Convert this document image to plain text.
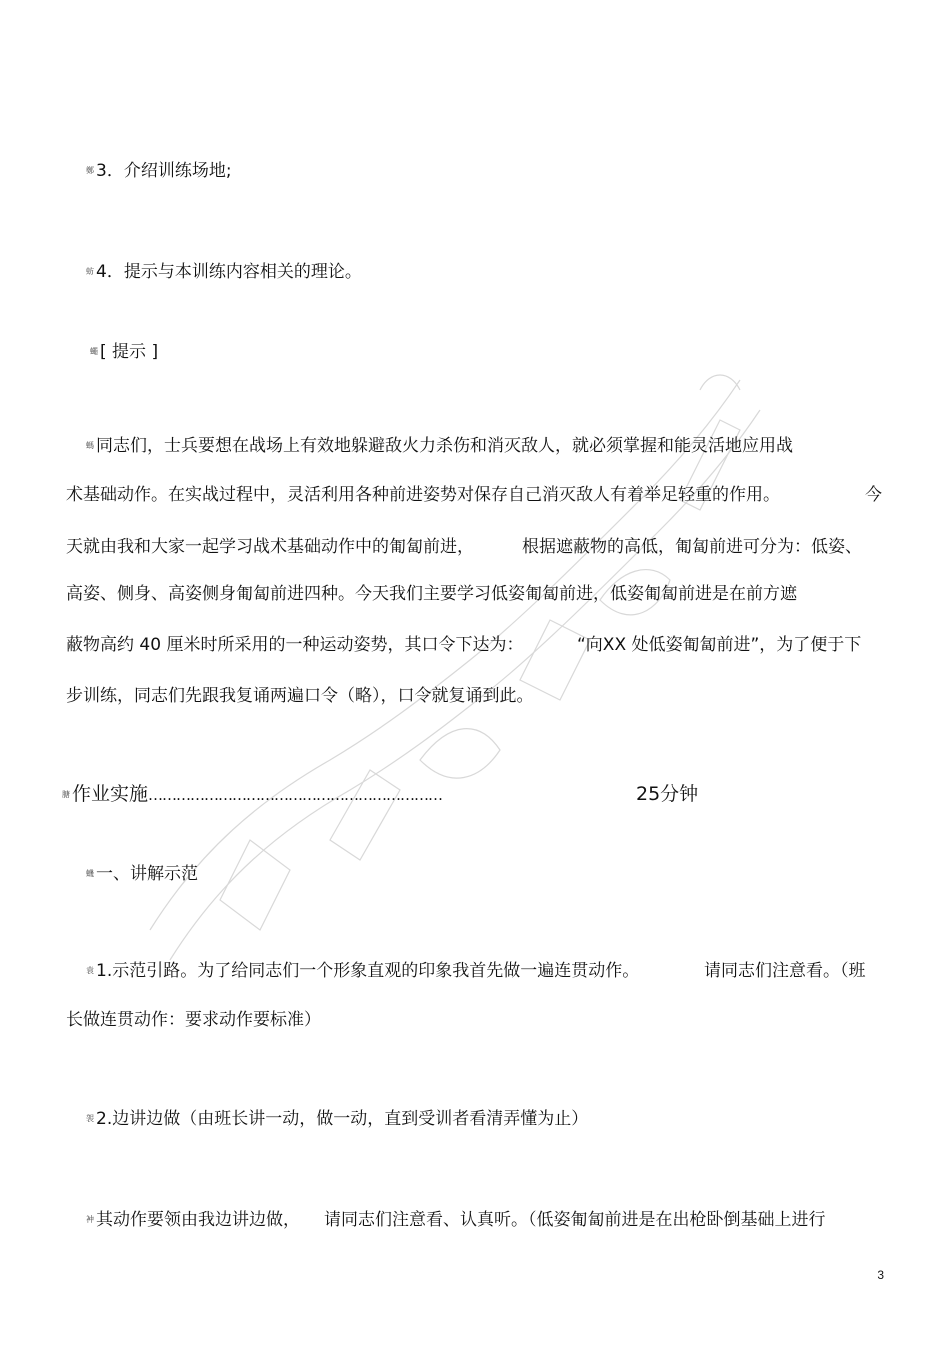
鄭 3．介绍训练场地;
蚄 4．提示与本训练内容相关的理论。
蠅 [ 提示 ]
螞 同志们，士兵要想在战场上有效地躲避敌火力杀伤和消灭敌人，就必须掌握和能灵活地应用战
术基础动作。在实战过程中，灵活利用各种前进姿势对保存自己消灭敌人有着举足轻重的作用。	今
天就由我和大家一起学习战术基础动作中的匍匐前进，	根据遮蔽物的高低，匍匐前进可分为：低姿、
高姿、侧身、高姿侧身匍匐前进四种。今天我们主要学习低姿匍匐前进，低姿匍匐前进是在前方遮
蔽物高约 40 厘米时所采用的一种运动姿势，其口令下达为：	“向XX 处低姿匍匐前进”，为了便于下
步训练，同志们先跟我复诵两遍口令（略），口令就复诵到此。
膅 作业实施………………………………………………………	25分钟
蟣 一、讲解示范
袁 1.示范引路。为了给同志们一个形象直观的印象我首先做一遍连贯动作。	请同志们注意看。（班
长做连贯动作：要求动作要标准）
袈 2.边讲边做（由班长讲一动，做一动，直到受训者看清弄懂为止）
衶 其动作要领由我边讲边做， 请同志们注意看、认真听。（低姿匍匐前进是在出枪卧倒基础上进行
3
